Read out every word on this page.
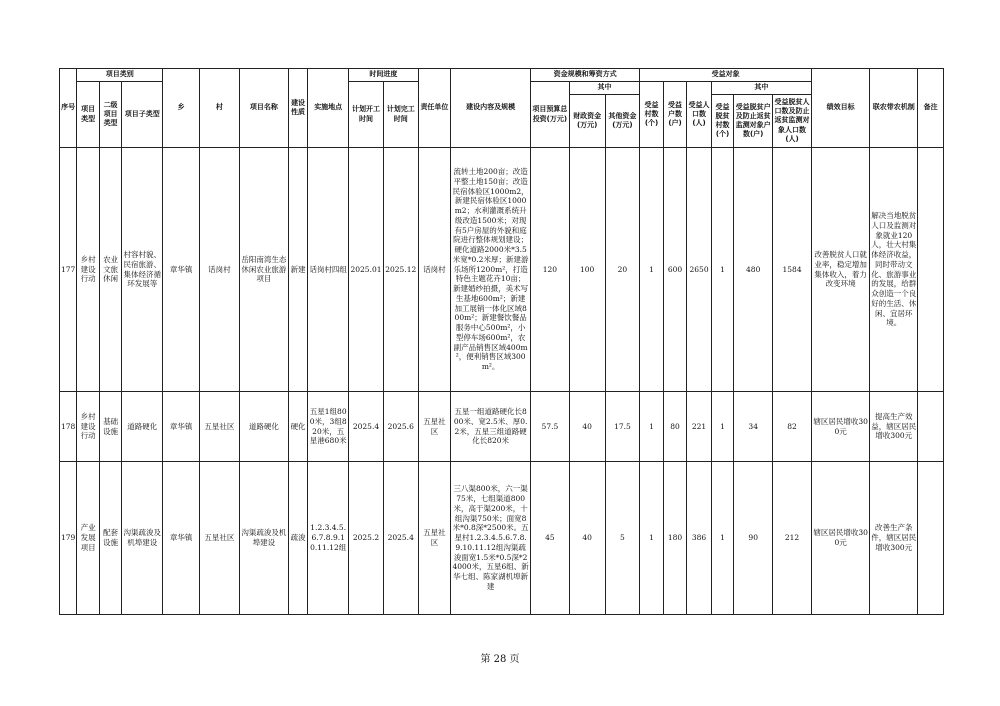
序号	项目类别			乡	村	项目名称	建设性质	实施地点	时间进度		责任单位	建设内容及规模	资金规模和筹资方式			受益对象						绩效目标	联农带农机制	备注
	项目类型	二级项目类型	项目子类型						计划开工时间	计划完工时间			项目预算总投资(万元)	其中		受益村数(个)	受益户数(户)	受益人口数(人)	其中					
														财政资金(万元)	其他资金(万元)				受益脱贫村数(个)	受益脱贫户及防止返贫监测对象户数(户)	受益脱贫人口数及防止返贫监测对象人口数(人)			
177	乡村建设行动	农业文旅休闲	村容村貌、民宿旅游、集体经济循环发展等	章华镇	话岗村	岳阳南湾生态休闲农业旅游项目	新建	话岗村四组	2025.01	2025.12	话岗村	流转土地200亩；改造平整土地150亩；改造民宿体验区1000m2，新建民宿体验区1000m2；水利灌溉系统升级改造1500米；对现有5户房屋的外貌和庭院进行整体规划建设；硬化道路2000米*3.5米宽*0.2米厚；新建游乐场所1200m²，打造特色主题花卉10亩；新建婚纱拍摄，美术写生基地600m²；新建加工展销一体化区域800m²；新建餐饮餐品服务中心500m²，小型停车场600m²，农副产品销售区域400m²，便利销售区域300m²。	120	100	20	1	600	2650	1	480	1584	改善脱贫人口就业率，稳定增加集体收入，着力改变环境	解决当地脱贫人口及监测对象就业120人，壮大村集体经济收益，同时带动文化、旅游事业的发展，给群众创造一个良好的生活、休闲、宜居环境。	
178	乡村建设行动	基础设施	道路硬化	章华镇	五星社区	道路硬化	硬化	五星1组800米，3组820米，五星港680米	2025.4	2025.6	五星社区	五星一组道路硬化长800米、宽2.5米、厚0.2米，五星三组道路硬化长820米	57.5	40	17.5	1	80	221	1	34	82	辖区居民增收300元	提高生产效益，辖区居民增收300元	
179	产业发展项目	配套设施	沟渠疏浚及机埠建设	章华镇	五星社区	沟渠疏浚及机埠建设	疏浚	1.2.3.4.5.6.7.8.9.10.11.12组	2025.2	2025.4	五星社区	三八渠800米，六一渠75米，七组渠道800米，高于渠200米，十组沟渠750米；面宽8米*0.8深*2500米。五星村1.2.3.4.5.6.7.8.9.10.11.12组沟渠疏浚面宽1.5米*0.5深*24000米，五星6组、新华七组、陈家湖机埠新建	45	40	5	1	180	386	1	90	212	辖区居民增收300元	改善生产条件，辖区居民增收300元	
第 28 页
